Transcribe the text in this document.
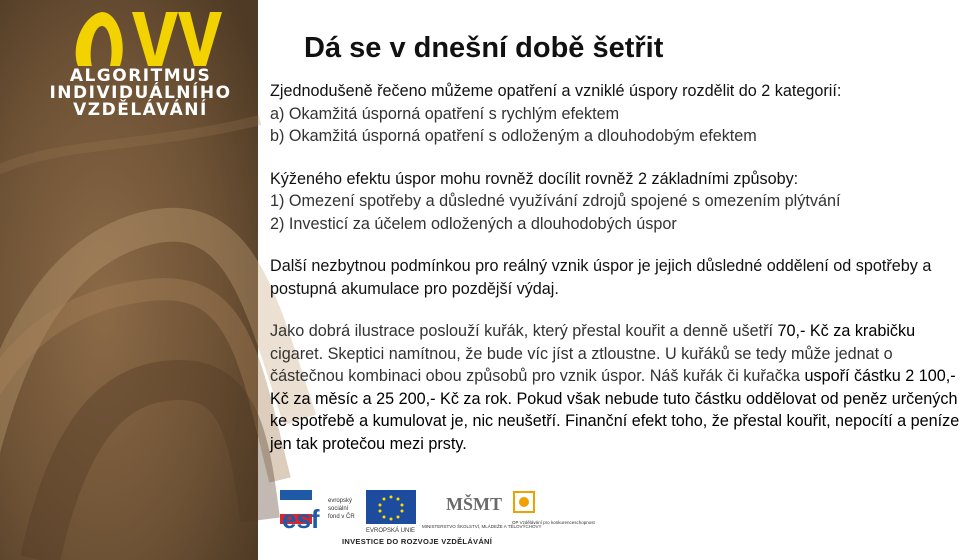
ALGORITMUS
INDIVIDUÁLNÍHO
VZDĚLÁVÁNÍ
Dá se v dnešní době šetřit

Zjednodušeně řečeno můžeme opatření a vzniklé úspory rozdělit do 2 kategorií:

a) Okamžitá úsporná opatření s rychlým efektem

b) Okamžitá úsporná opatření s odloženým a dlouhodobým efektem

Kýženého efektu úspor mohu rovněž docílit rovněž 2 základními způsoby:

1) Omezení spotřeby a důsledné využívání zdrojů spojené s omezením plýtvání

2) Investicí za účelem odložených a dlouhodobých úspor

Další nezbytnou podmínkou pro reálný vznik úspor je jejich důsledné oddělení od spotřeby a postupná akumulace pro pozdější výdaj.

Jako dobrá ilustrace poslouží kuřák, který přestal kouřit a denně ušetří 70,- Kč za krabičku cigaret. Skeptici namítnou, že bude víc jíst a ztloustne. U kuřáků se tedy může jednat o částečnou kombinaci obou způsobů pro vznik úspor. Náš kuřák či kuřačka uspoří částku 2 100,- Kč za měsíc a 25 200,- Kč za rok. Pokud však nebude tuto částku oddělovat od peněz určených ke spotřebě a kumulovat je, nic neušetří. Finanční efekt toho, že přestal kouřit, nepocítí a peníze jen tak protečou mezi prsty.

esf
evropský
sociální
fond v ČR
EVROPSKÁ UNIE
MŠMT
MINISTERSTVO ŠKOLSTVÍ, MLÁDEŽE A TĚLOVÝCHOVY
OP Vzdělávání pro konkurenceschopnost
INVESTICE DO ROZVOJE VZDĚLÁVÁNÍ
